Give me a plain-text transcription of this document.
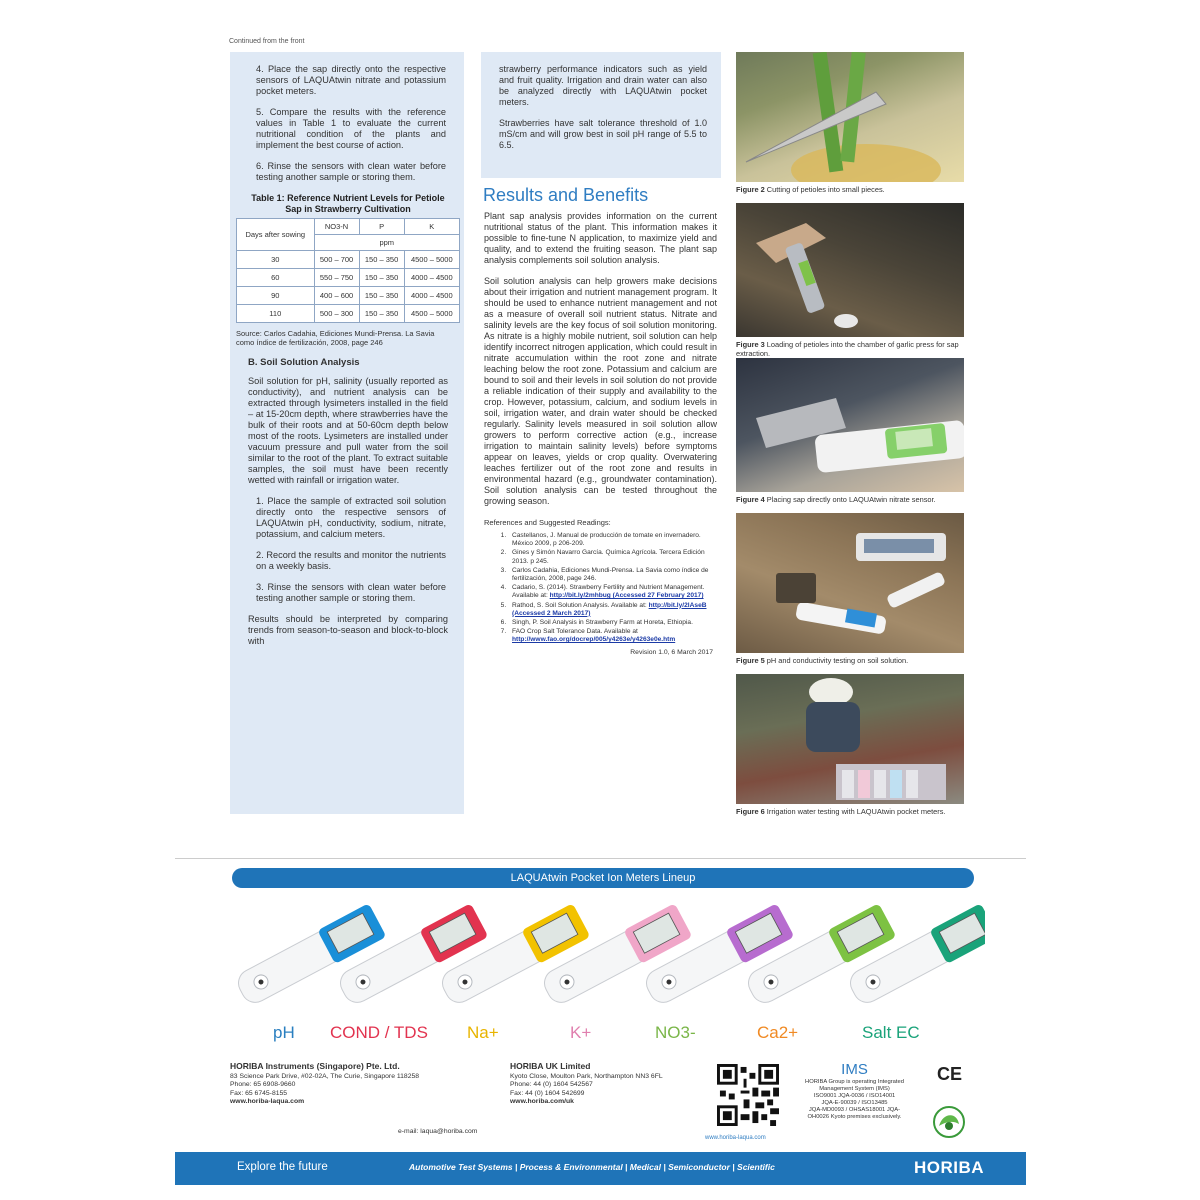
Continued from the front

4. Place the sap directly onto the respective sensors of LAQUAtwin nitrate and potassium pocket meters.

5. Compare the results with the reference values in Table 1 to evaluate the current nutritional condition of the plants and implement the best course of action.

6. Rinse the sensors with clean water before testing another sample or storing them.

Table 1: Reference Nutrient Levels for Petiole Sap in Strawberry Cultivation
Days after sowing	NO3-N	P	K
	ppm		
30	500 – 700	150 – 350	4500 – 5000
60	550 – 750	150 – 350	4000 – 4500
90	400 – 600	150 – 350	4000 – 4500
110	500 – 300	150 – 350	4500 – 5000
Source: Carlos Cadahia, Ediciones Mundi-Prensa. La Savia como índice de fertilización, 2008, page 246
B. Soil Solution Analysis

Soil solution for pH, salinity (usually reported as conductivity), and nutrient analysis can be extracted through lysimeters installed in the field – at 15-20cm depth, where strawberries have the bulk of their roots and at 50-60cm depth below most of the roots. Lysimeters are installed under vacuum pressure and pull water from the soil similar to the root of the plant. To extract suitable samples, the soil must have been recently wetted with rainfall or irrigation water.

1. Place the sample of extracted soil solution directly onto the respective sensors of LAQUAtwin pH, conductivity, sodium, nitrate, potassium, and calcium meters.

2. Record the results and monitor the nutrients on a weekly basis.

3. Rinse the sensors with clean water before testing another sample or storing them.

Results should be interpreted by comparing trends from season-to-season and block-to-block with

strawberry performance indicators such as yield and fruit quality. Irrigation and drain water can also be analyzed directly with LAQUAtwin pocket meters.

Strawberries have salt tolerance threshold of 1.0 mS/cm and will grow best in soil pH range of 5.5 to 6.5.

Results and Benefits

Plant sap analysis provides information on the current nutritional status of the plant. This information makes it possible to fine-tune N application, to maximize yield and quality, and to extend the fruiting season. The plant sap analysis complements soil solution analysis.

Soil solution analysis can help growers make decisions about their irrigation and nutrient management program. It should be used to enhance nutrient management and not as a measure of overall soil nutrient status. Nitrate and salinity levels are the key focus of soil solution monitoring. As nitrate is a highly mobile nutrient, soil solution can help identify incorrect nitrogen application, which could result in nitrate accumulation within the root zone and nitrate leaching below the root zone. Potassium and calcium are bound to soil and their levels in soil solution do not provide a reliable indication of their supply and availability to the crop. However, potassium, calcium, and sodium levels in soil, irrigation water, and drain water should be checked regularly. Salinity levels measured in soil solution allow growers to perform corrective action (e.g., increase irrigation to maintain salinity levels) before symptoms appear on leaves, yields or crop quality. Overwatering leaches fertilizer out of the root zone and results in environmental hazard (e.g., groundwater contamination). Soil solution analysis can be tested throughout the growing season.

References and Suggested Readings:
1. Castellanos, J. Manual de producción de tomate en invernadero. México 2009, p 206-209.
2. Gines y Simón Navarro García. Química Agrícola. Tercera Edición 2013. p 245.
3. Carlos Cadahia, Ediciones Mundi-Prensa. La Savia como índice de fertilización, 2008, page 246.
4. Cadario, S. (2014). Strawberry Fertility and Nutrient Management. Available at: http://bit.ly/2mhbug (Accessed 27 February 2017)
5. Rathod, S. Soil Solution Analysis. Available at: http://bit.ly/2lAseB (Accessed 2 March 2017)
6. Singh, P. Soil Analysis in Strawberry Farm at Horeta, Ethiopia.
7. FAO Crop Salt Tolerance Data. Available at http://www.fao.org/docrep/005/y4263e/y4263e0e.htm
Revision 1.0, 6 March 2017
Figure 2 Cutting of petioles into small pieces.
Figure 3 Loading of petioles into the chamber of garlic press for sap extraction.
Figure 4 Placing sap directly onto LAQUAtwin nitrate sensor.
Figure 5 pH and conductivity testing on soil solution.
Figure 6 Irrigation water testing with LAQUAtwin pocket meters.
LAQUAtwin Pocket Ion Meters Lineup
pH COND / TDS Na+	K+	NO3-	Ca2+	Salt EC
HORIBA Instruments (Singapore) Pte. Ltd.
83 Science Park Drive, #02-02A, The Curie, Singapore 118258
Phone: 65 6908-9660
Fax: 65 6745-8155
www.horiba-laqua.com
HORIBA UK Limited
Kyoto Close, Moulton Park, Northampton NN3 6FL
Phone: 44 (0) 1604 542567
Fax: 44 (0) 1604 542699
www.horiba.com/uk
e-mail: laqua@horiba.com
www.horiba-laqua.com
IMS
HORIBA Group is operating Integrated
Management System (IMS)
ISO9001 JQA-0036 / ISO14001
JQA-E-90039 / ISO13485
JQA-MD0093 / OHSAS18001 JQA-
OH0026 Kyoto premises exclusively.
CE
Explore the future	Automotive Test Systems | Process & Environmental | Medical | Semiconductor | Scientific	HORIBA
